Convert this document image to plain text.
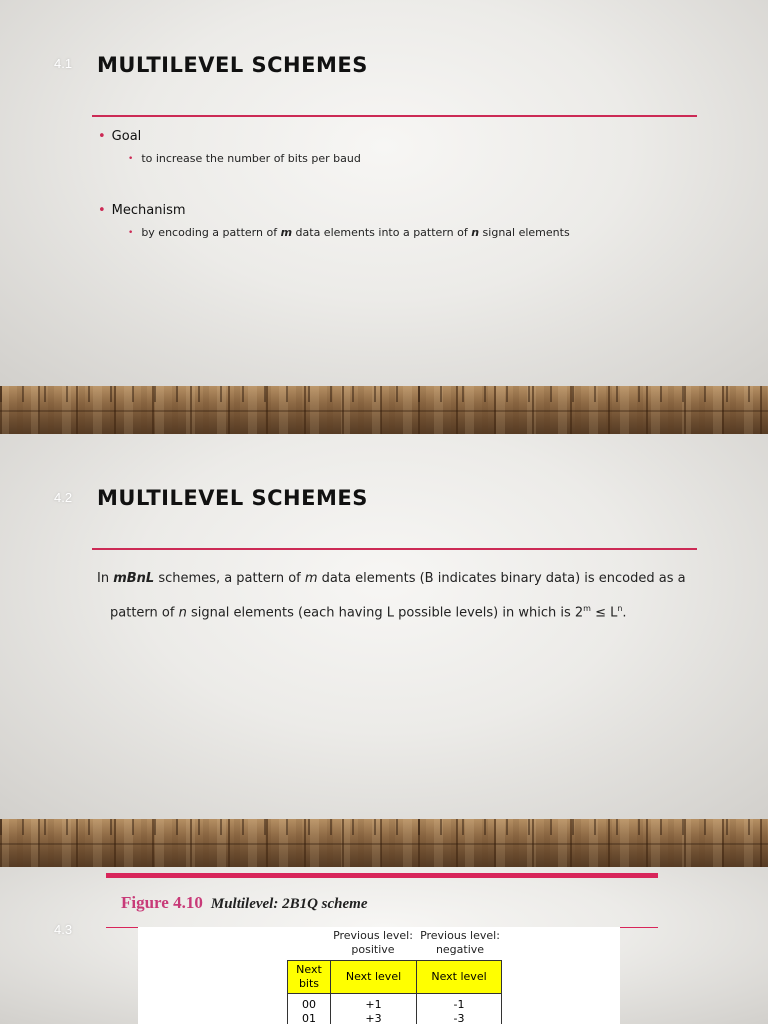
4.1 MULTILEVEL SCHEMES
• Goal
• to increase the number of bits per baud
• Mechanism
• by encoding a pattern of m data elements into a pattern of n signal elements
4.2 MULTILEVEL SCHEMES
In mBnL schemes, a pattern of m data elements (B indicates binary data) is encoded as a
pattern of n signal elements (each having L possible levels) in which is $2^m \le L^n$.
4.3
Figure 4.10 Multilevel: 2B1Q scheme
Previous level: positive
Previous level: negative
Next bits	Next level	Next level
00	+1	-1
01	+3	-3
